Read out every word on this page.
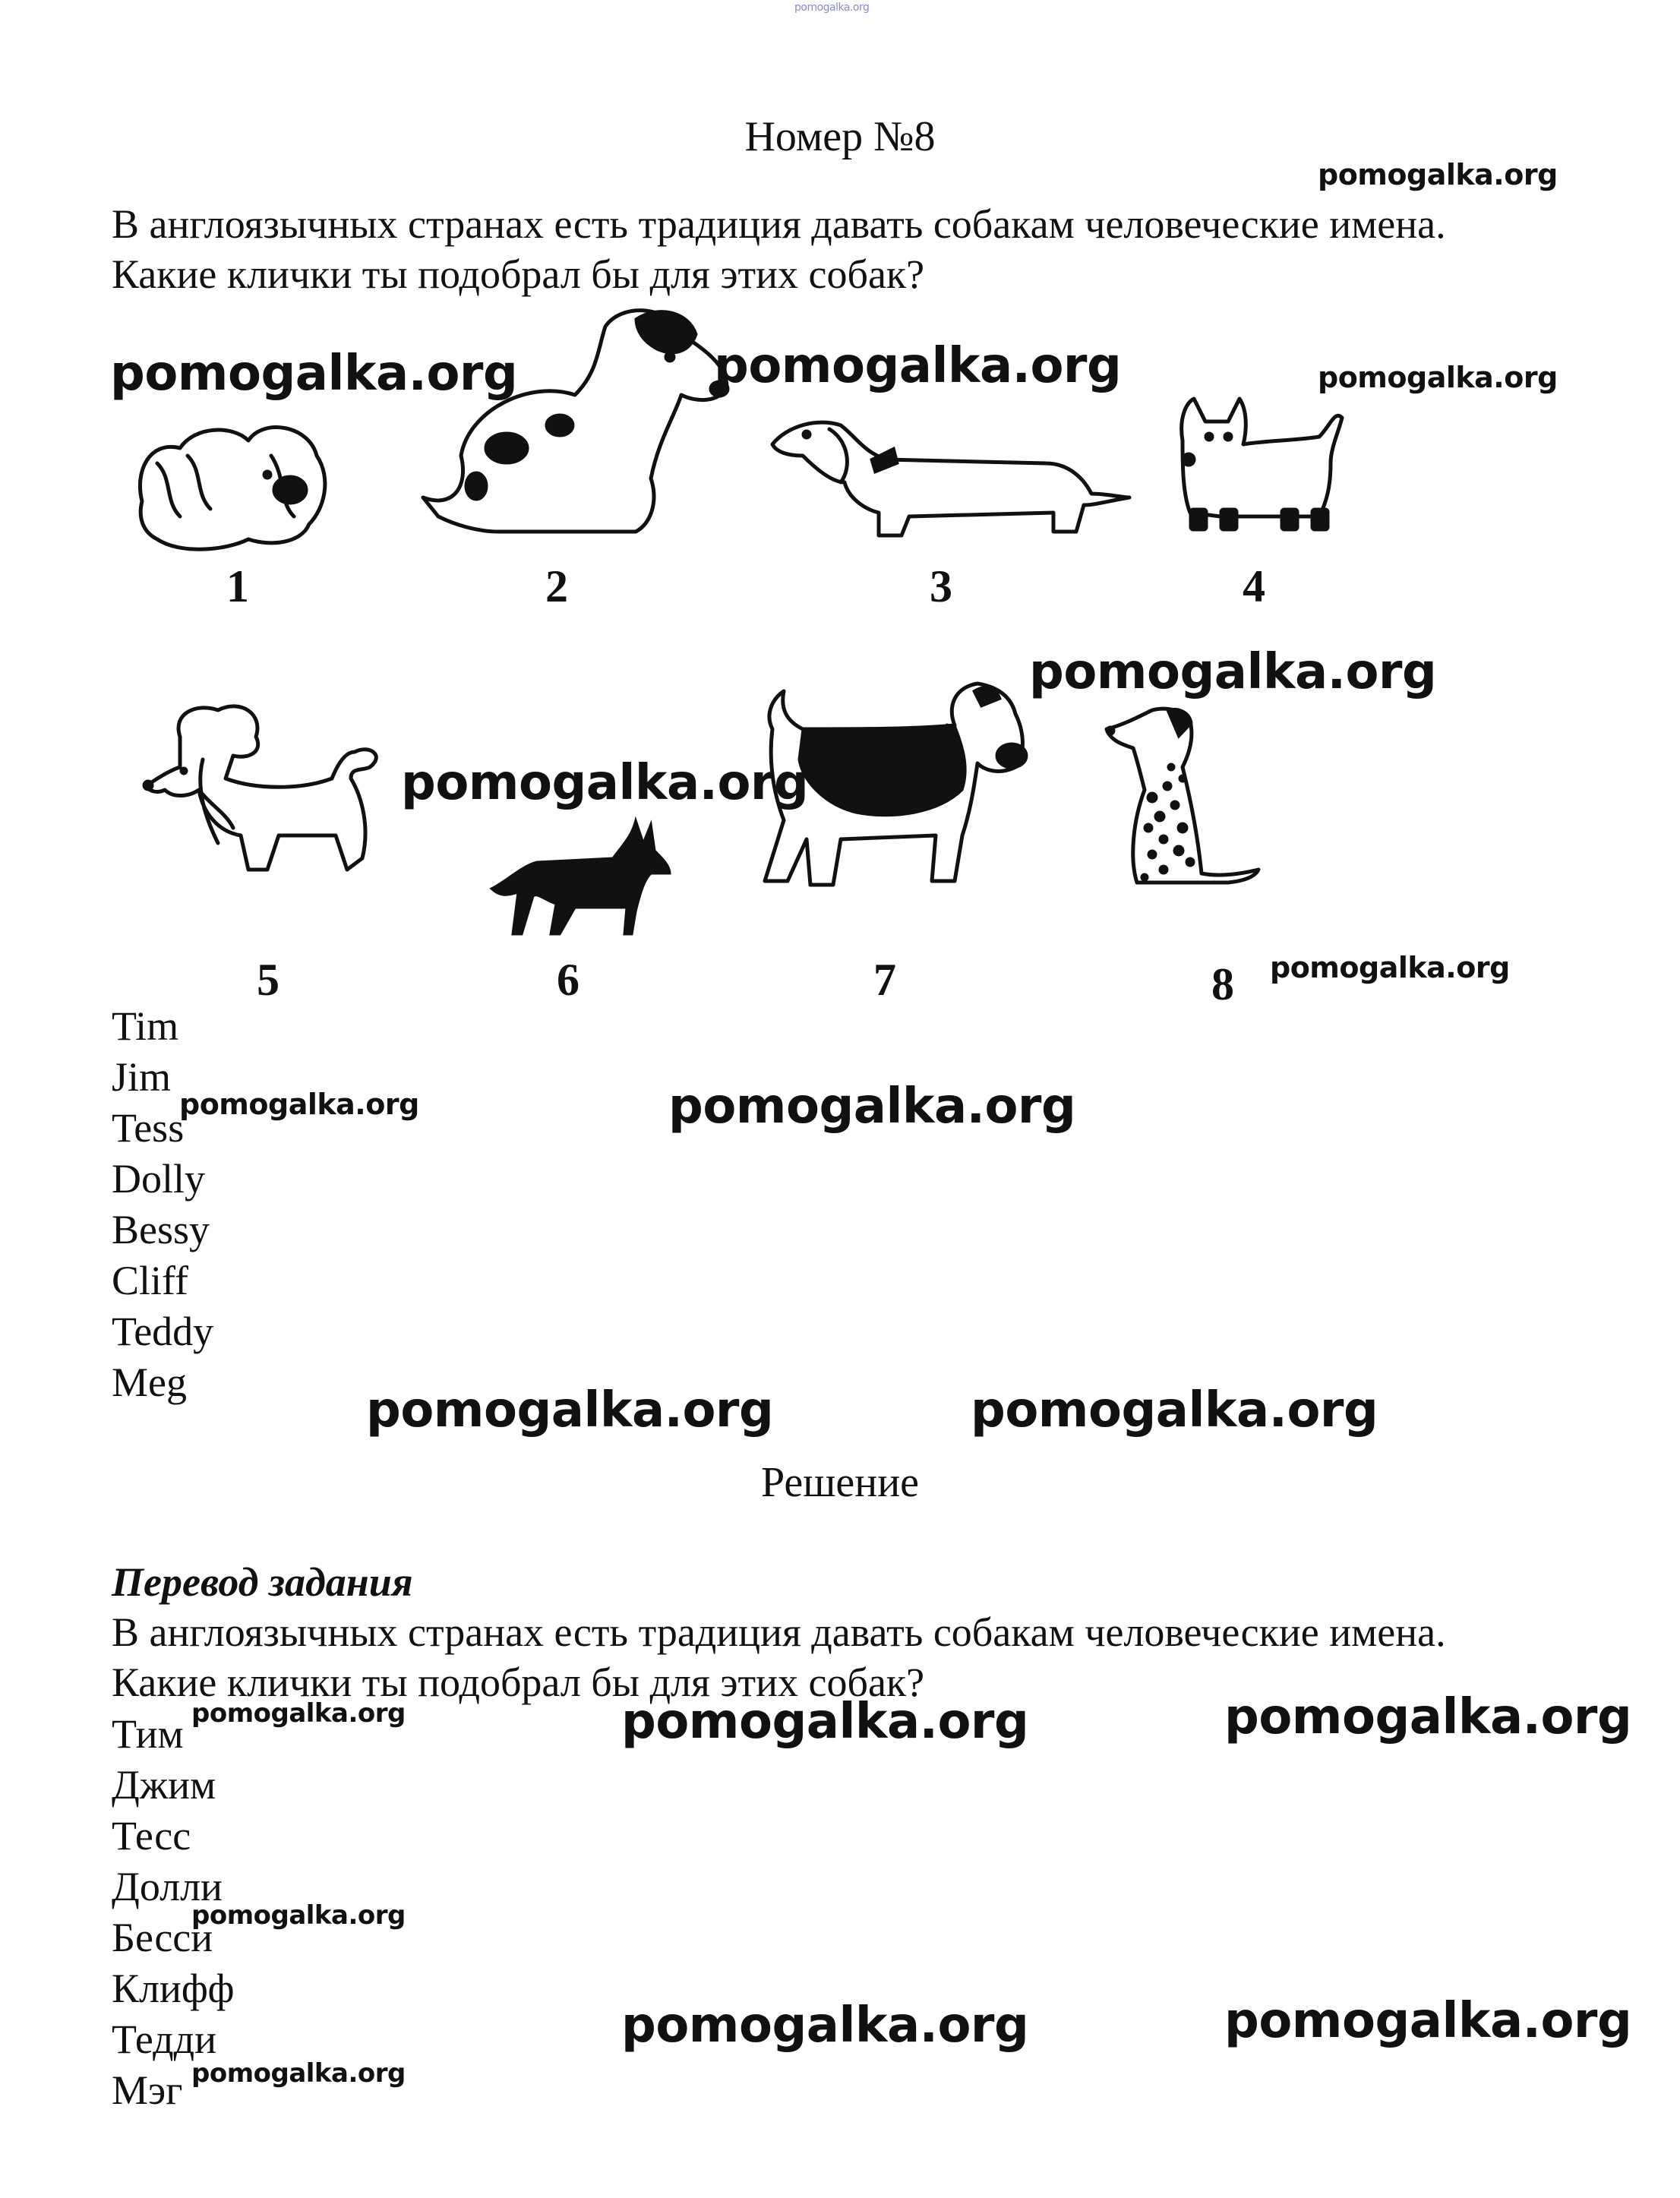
pomogalka.org
Номер №8
В англоязычных странах есть традиция давать собакам человеческие имена.
Какие клички ты подобрал бы для этих собак?
1	2	3	4
5	6	7	8
Tim
Jim
Tess
Dolly
Bessy
Cliff
Teddy
Meg
Решение
Перевод задания
В англоязычных странах есть традиция давать собакам человеческие имена.
Какие клички ты подобрал бы для этих собак?
Тим
Джим
Тесс
Долли
Бесси
Клифф
Тедди
Мэг
pomogalka.org
pomogalka.org	pomogalka.org	pomogalka.org
pomogalka.org
pomogalka.org
pomogalka.org
pomogalka.org	pomogalka.org
pomogalka.org	pomogalka.org
pomogalka.org	pomogalka.org	pomogalka.org
pomogalka.org
pomogalka.org	pomogalka.org
pomogalka.org
